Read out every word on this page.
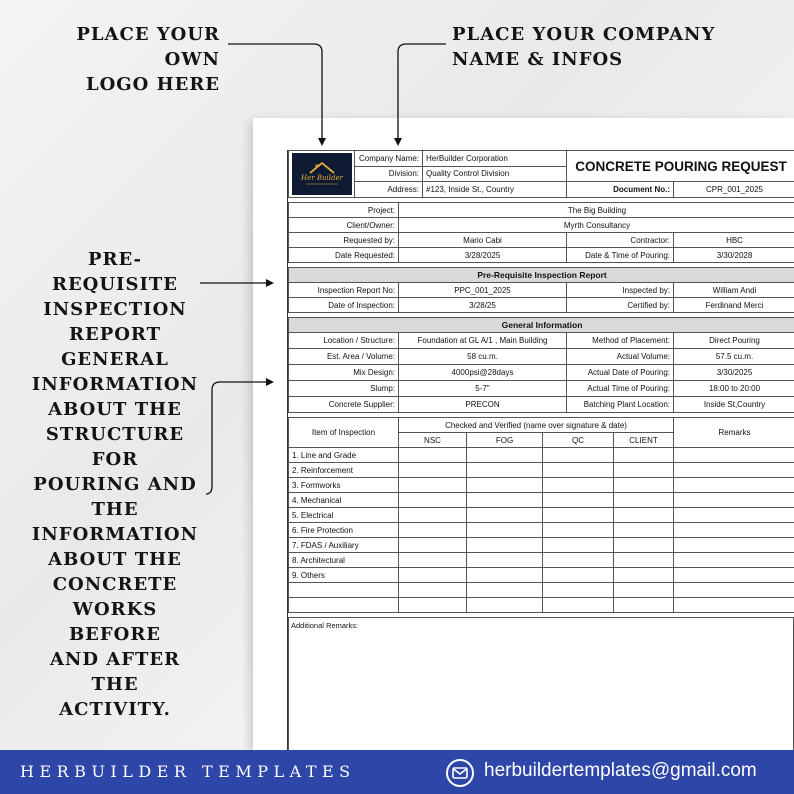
PLACE YOUR OWN
LOGO HERE
PLACE YOUR COMPANY
NAME & INFOS
PRE-REQUISITE
INSPECTION
REPORT
GENERAL
INFORMATION
ABOUT THE
STRUCTURE FOR
POURING AND
THE
INFORMATION
ABOUT THE
CONCRETE
WORKS BEFORE
AND AFTER THE
ACTIVITY.
Her Builder	Company Name:	HerBuilder Corporation	CONCRETE POURING REQUEST	
	Division:	Quality Control Division		
	Address:	#123, Inside St., Country	Document No.:	CPR_001_2025
Project:	The Big Building		
Client/Owner:	Myrth Consultancy		
Requested by:	Mario Cabi	Contractor:	HBC
Date Requested:	3/28/2025	Date & Time of Pouring:	3/30/2028
Pre-Requisite Inspection Report			
Inspection Report No:	PPC_001_2025	Inspected by:	William Andi
Date of Inspection:	3/28/25	Certified by:	Ferdinand Merci
General Information			
Location / Structure:	Foundation at GL A/1 , Main Building	Method of Placement:	Direct Pouring
Est. Area / Volume:	58 cu.m.	Actual Volume:	57.5 cu.m.
Mix Design:	4000psi@28days	Actual Date of Pouring:	3/30/2025
Slump:	5-7"	Actual Time of Pouring:	18:00 to 20:00
Concrete Supplier:	PRECON	Batching Plant Location:	Inside St,Country
Item of Inspection	Checked and Verified (name over signature & date)				Remarks
	NSC	FOG	QC	CLIENT	
1. Line and Grade					
2. Reinforcement					
3. Formworks					
4. Mechanical					
5. Electrical					
6. Fire Protection					
7. FDAS / Auxiliary					
8. Architectural					
9. Others					

Additional Remarks:
HERBUILDER TEMPLATES	herbuildertemplates@gmail.com
